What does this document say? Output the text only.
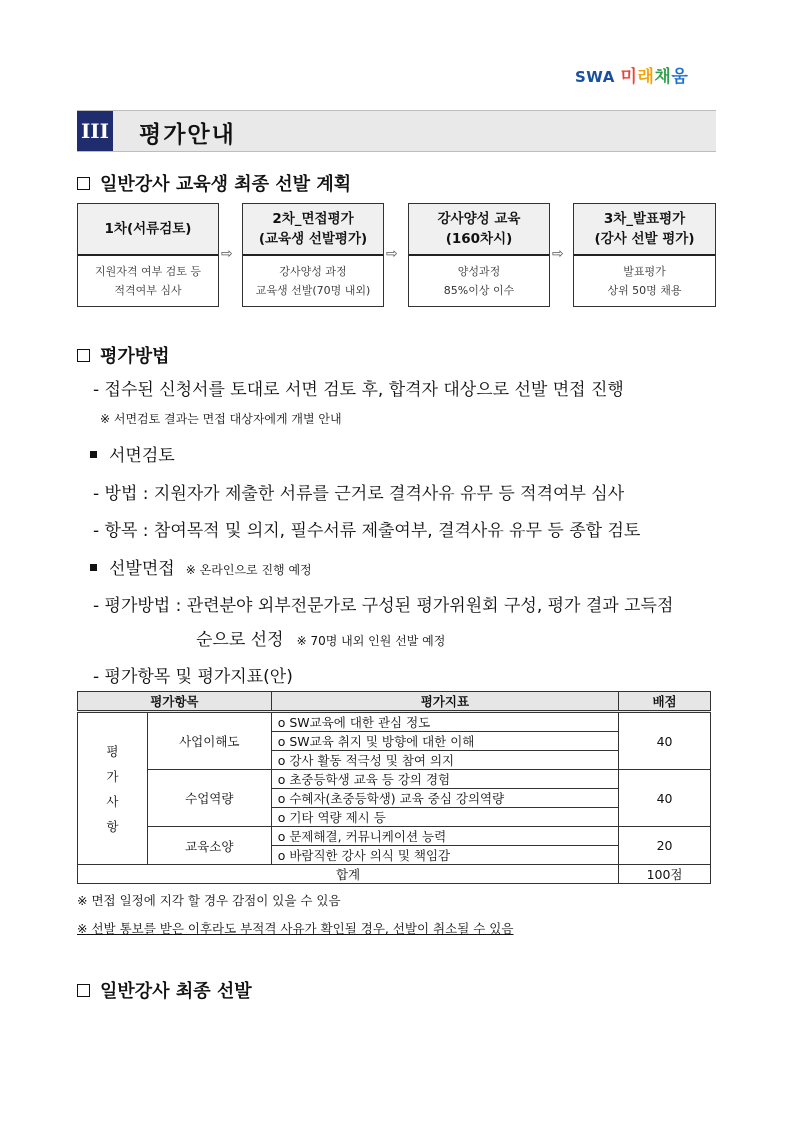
SWA 미래채움
III 평가안내
일반강사 교육생 최종 선발 계획
1차(서류검토)
지원자격 여부 검토 등
적격여부 심사
⇨
2차_면접평가
(교육생 선발평가)
강사양성 과정
교육생 선발(70명 내외)
⇨
강사양성 교육
(160차시)
양성과정
85%이상 이수
⇨
3차_발표평가
(강사 선발 평가)
발표평가
상위 50명 채용
평가방법
- 접수된 신청서를 토대로 서면 검토 후, 합격자 대상으로 선발 면접 진행
※ 서면검토 결과는 면접 대상자에게 개별 안내
서면검토
- 방법 : 지원자가 제출한 서류를 근거로 결격사유 유무 등 적격여부 심사
- 항목 : 참여목적 및 의지, 필수서류 제출여부, 결격사유 유무 등 종합 검토
선발면접 ※ 온라인으로 진행 예정
- 평가방법 : 관련분야 외부전문가로 구성된 평가위원회 구성, 평가 결과 고득점
순으로 선정 ※ 70명 내외 인원 선발 예정
- 평가항목 및 평가지표(안)
평가항목		평가지표	배점

평
가
사
항	사업이해도	o SW교육에 대한 관심 정도	40
		o SW교육 취지 및 방향에 대한 이해	
		o 강사 활동 적극성 및 참여 의지	
	수업역량	o 초중등학생 교육 등 강의 경험	40
		o 수혜자(초중등학생) 교육 중심 강의역량	
		o 기타 역량 제시 등	
	교육소양	o 문제해결, 커뮤니케이션 능력	20
		o 바람직한 강사 의식 및 책임감	
합계			100점
※ 면접 일정에 지각 할 경우 감점이 있을 수 있음
※ 선발 통보를 받은 이후라도 부적격 사유가 확인될 경우, 선발이 취소될 수 있음
일반강사 최종 선발
